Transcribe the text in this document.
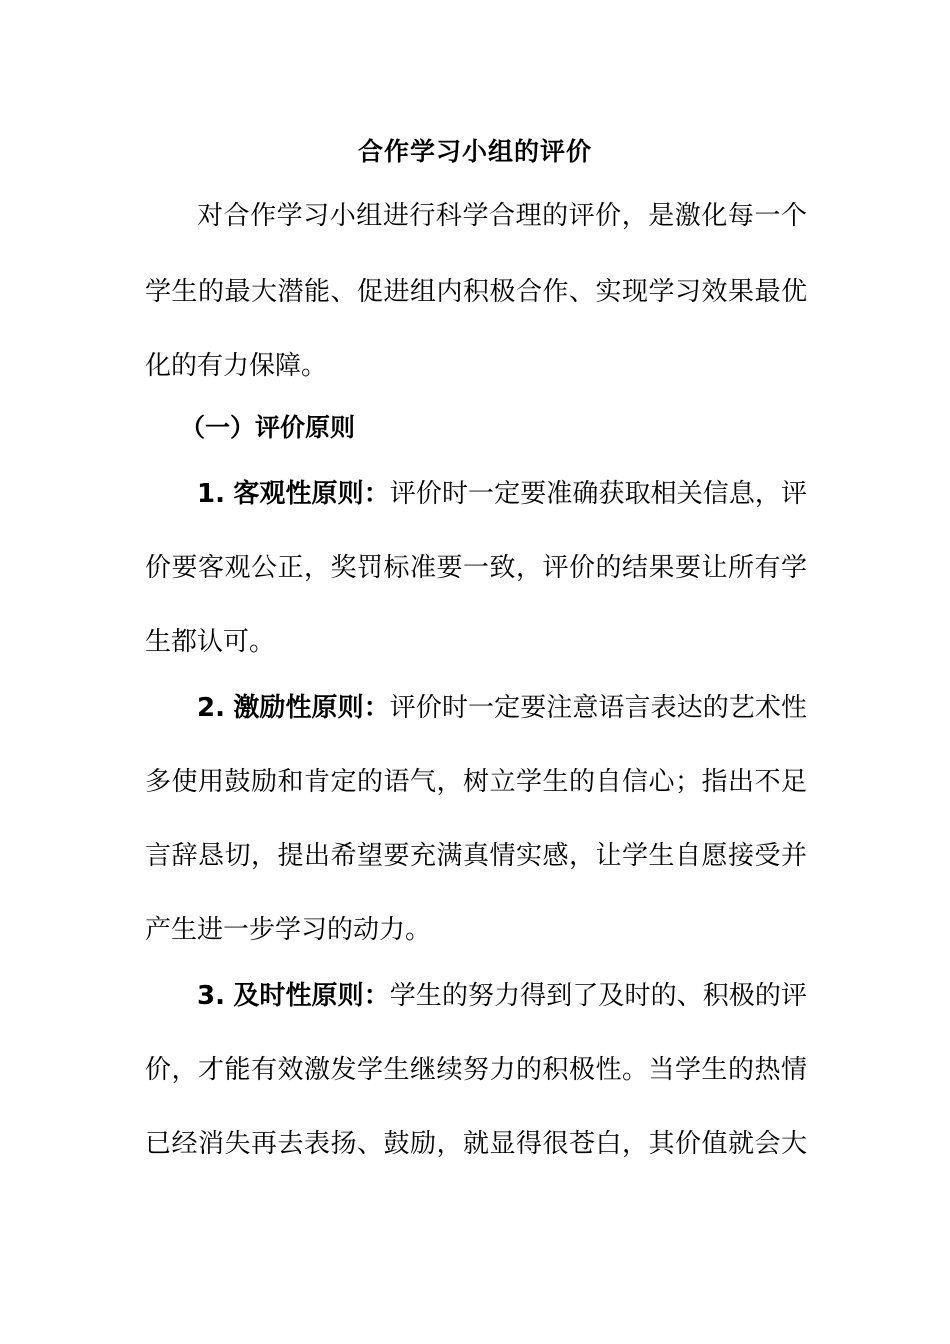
合作学习小组的评价
对合作学习小组进行科学合理的评价，是激化每一个
学生的最大潜能、促进组内积极合作、实现学习效果最优
化的有力保障。
（一）评价原则
1. 客观性原则：评价时一定要准确获取相关信息，评
价要客观公正，奖罚标准要一致，评价的结果要让所有学
生都认可。
2. 激励性原则：评价时一定要注意语言表达的艺术性
多使用鼓励和肯定的语气，树立学生的自信心；指出不足
言辞恳切，提出希望要充满真情实感，让学生自愿接受并
产生进一步学习的动力。
3. 及时性原则：学生的努力得到了及时的、积极的评
价，才能有效激发学生继续努力的积极性。当学生的热情
已经消失再去表扬、鼓励，就显得很苍白，其价值就会大
